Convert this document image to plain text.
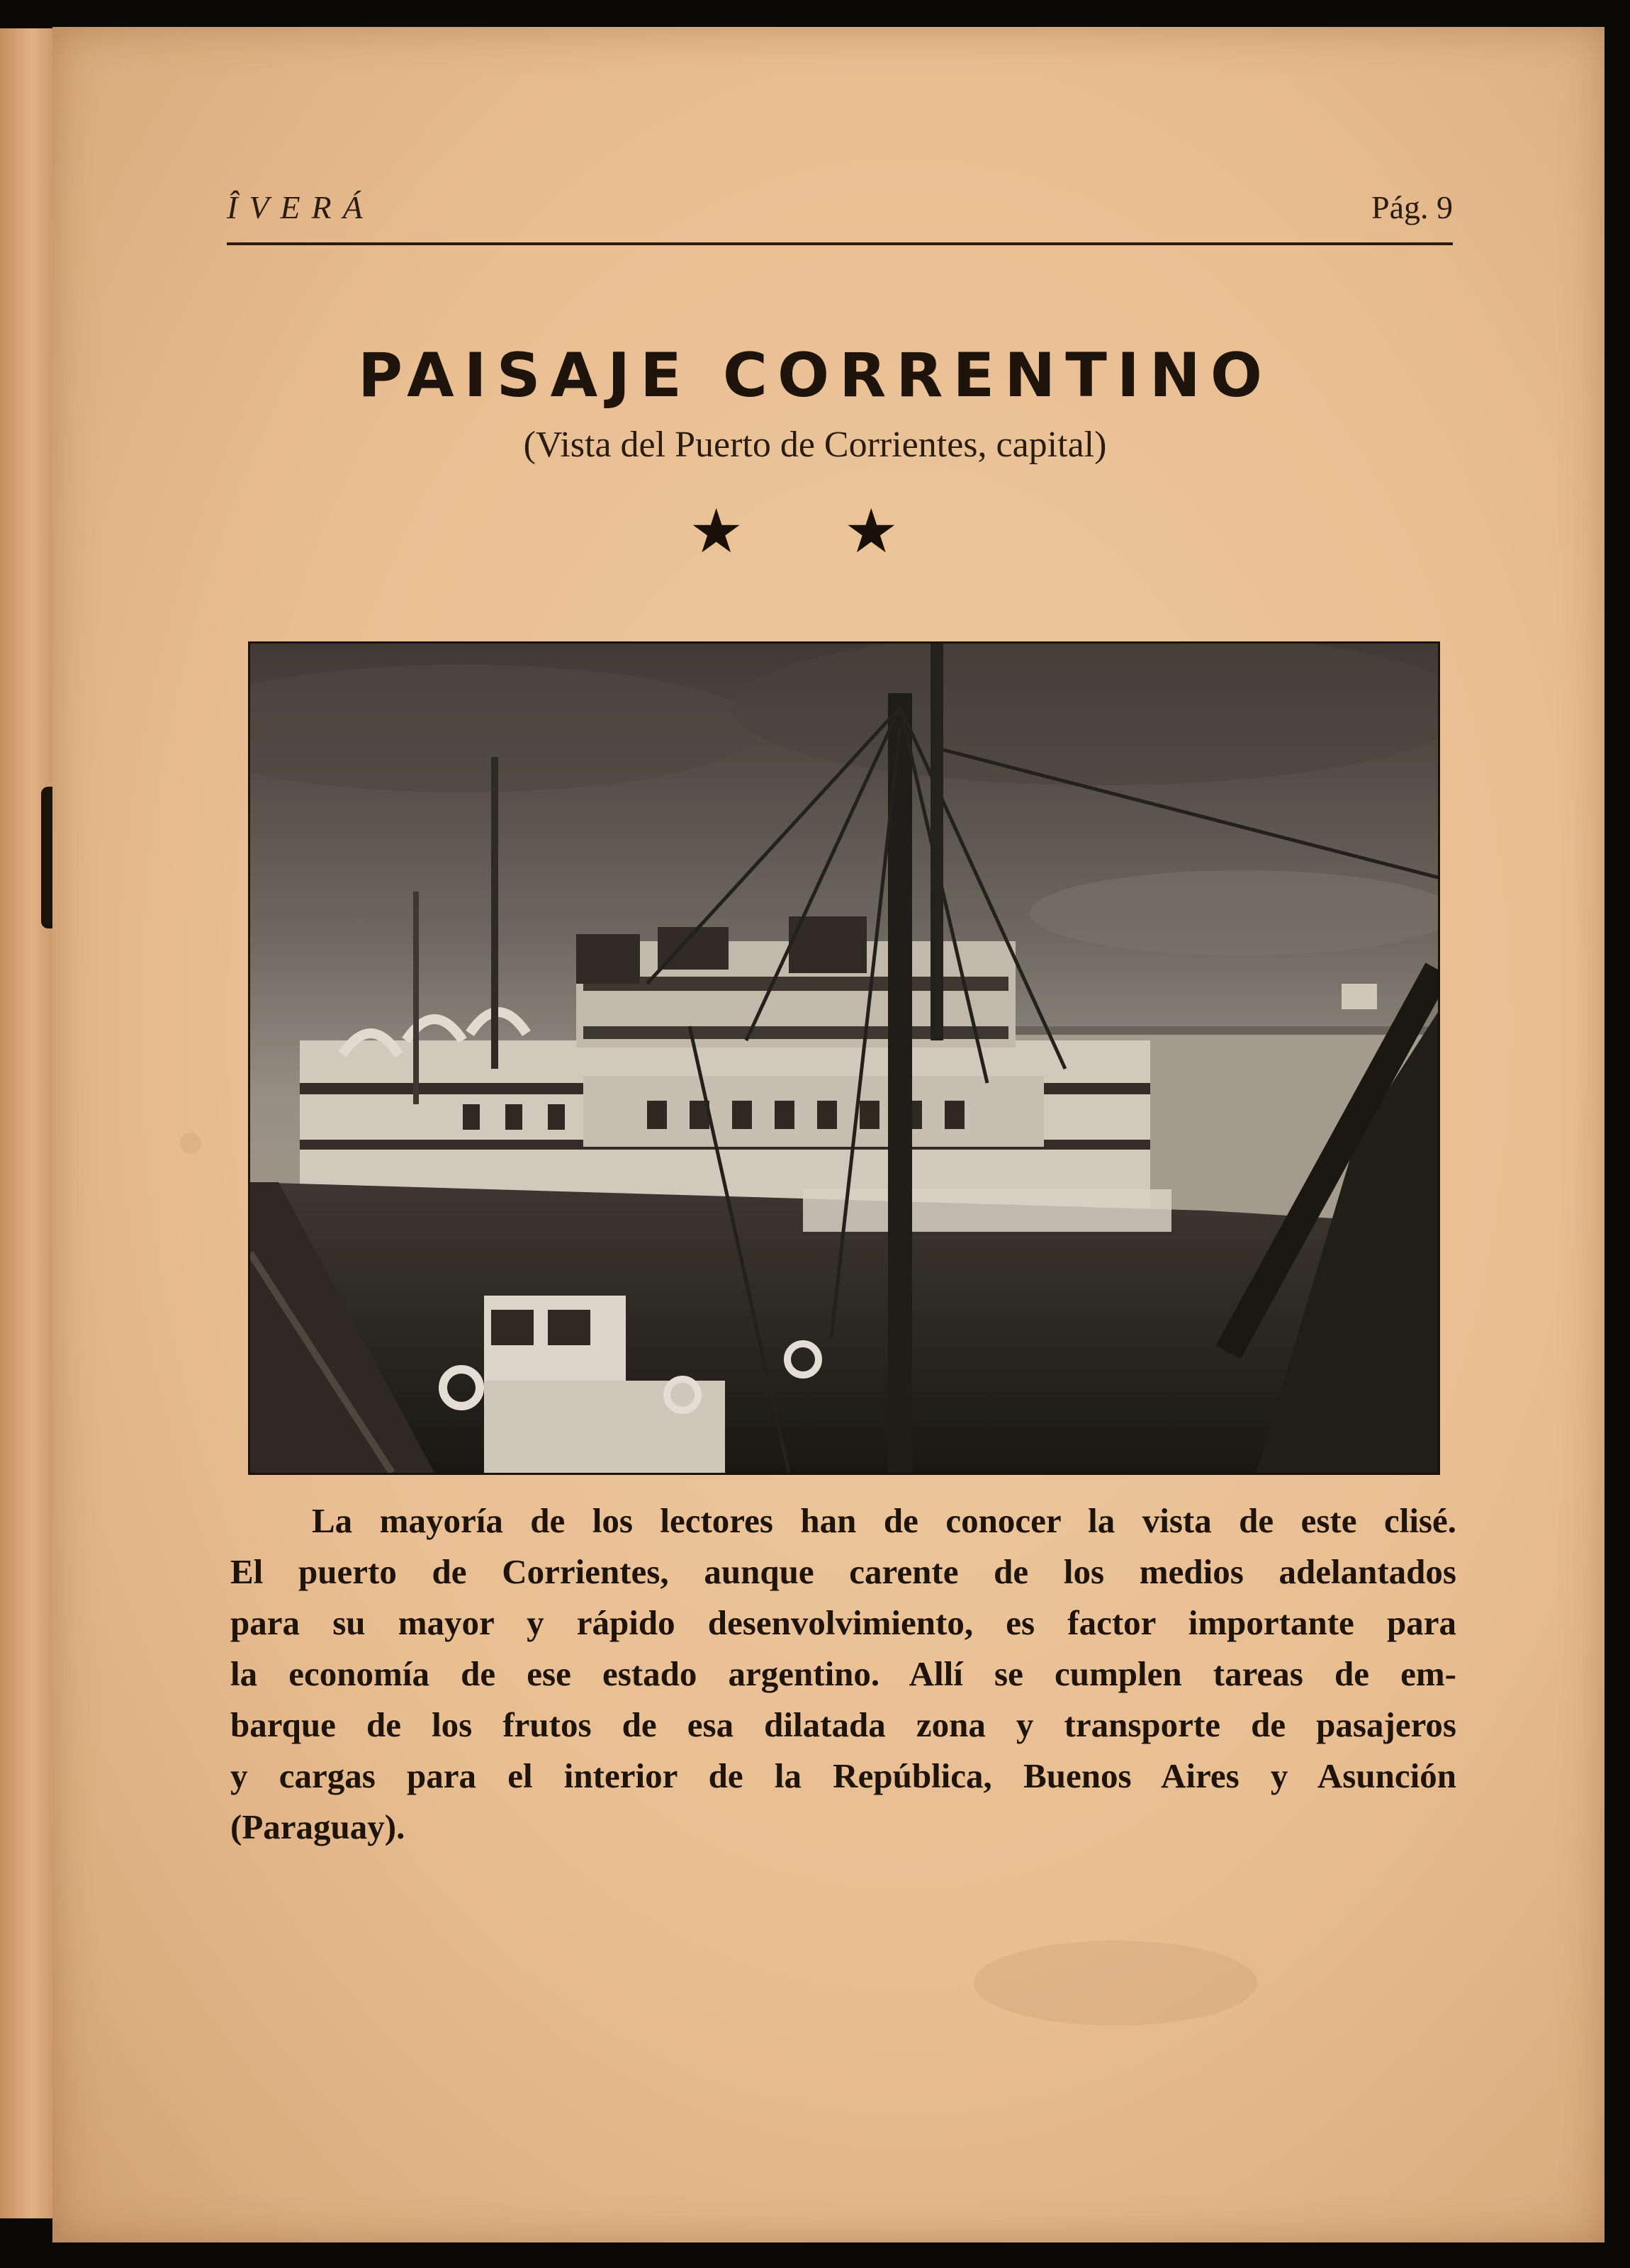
ÎVERÁ	Pág. 9
PAISAJE CORRENTINO
(Vista del Puerto de Corrientes, capital)
★ ★
La mayoría de los lectores han de conocer la vista de este clisé.
El puerto de Corrientes, aunque carente de los medios adelantados
para su mayor y rápido desenvolvimiento, es factor importante para
la economía de ese estado argentino. Allí se cumplen tareas de em-
barque de los frutos de esa dilatada zona y transporte de pasajeros
y cargas para el interior de la República, Buenos Aires y Asunción
(Paraguay).
